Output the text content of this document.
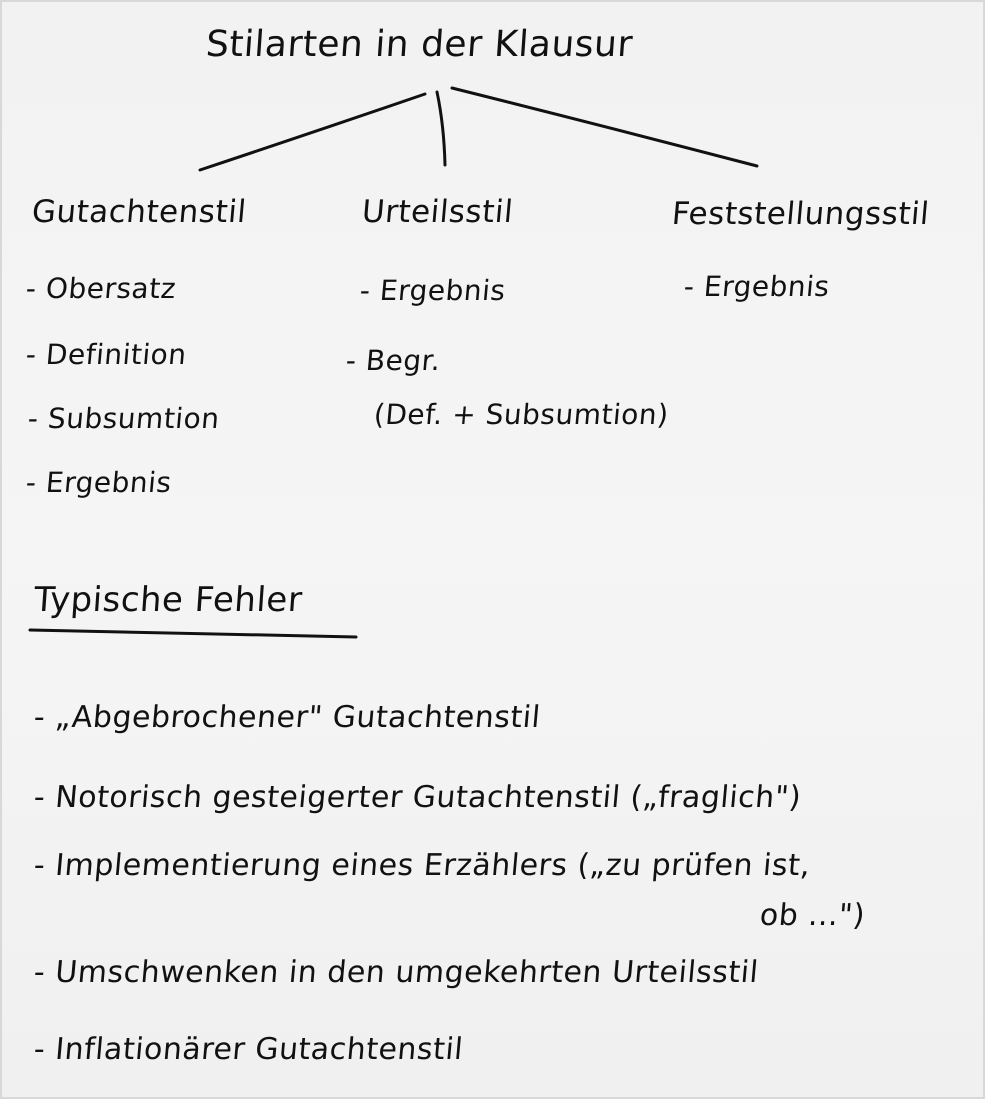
Stilarten in der Klausur
Gutachtenstil	Urteilsstil	Feststellungsstil
- Obersatz
- Definition
- Subsumtion
- Ergebnis
- Ergebnis
- Begr.
(Def. + Subsumtion)
- Ergebnis
Typische Fehler
- „Abgebrochener" Gutachtenstil
- Notorisch gesteigerter Gutachtenstil („fraglich")
- Implementierung eines Erzählers („zu prüfen ist,
ob ...")
- Umschwenken in den umgekehrten Urteilsstil
- Inflationärer Gutachtenstil
